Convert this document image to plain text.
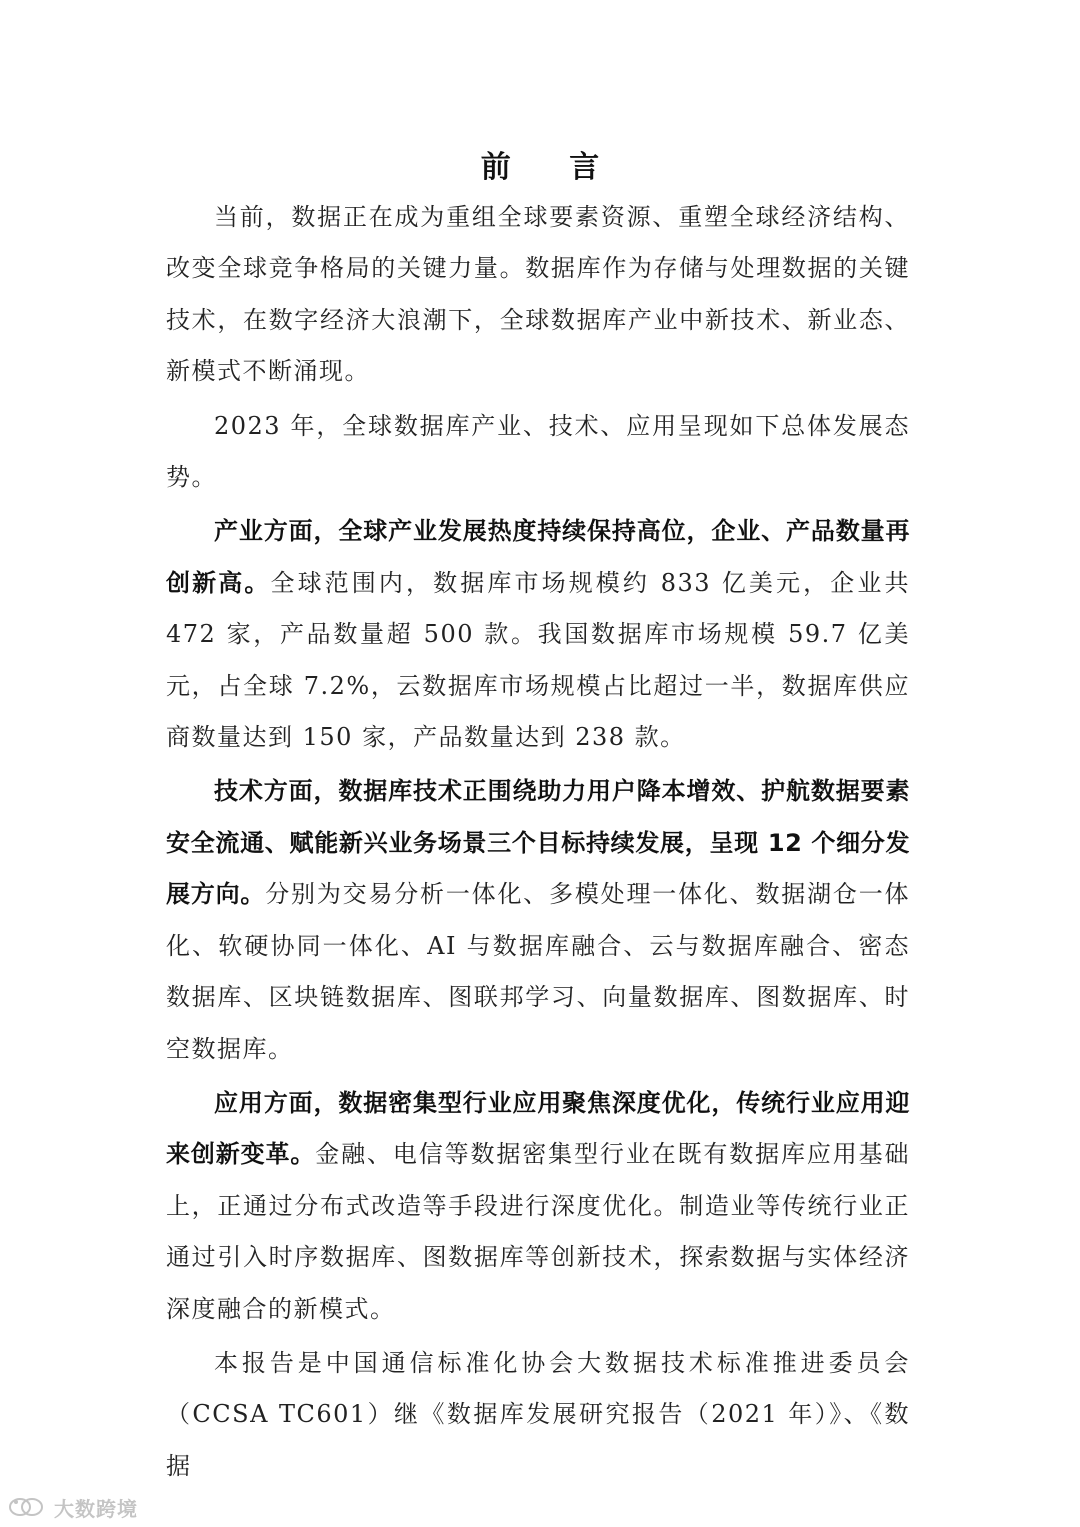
前 言

当前，数据正在成为重组全球要素资源、重塑全球经济结构、改变全球竞争格局的关键力量。数据库作为存储与处理数据的关键技术，在数字经济大浪潮下，全球数据库产业中新技术、新业态、新模式不断涌现。

2023 年，全球数据库产业、技术、应用呈现如下总体发展态势。

产业方面，全球产业发展热度持续保持高位，企业、产品数量再创新高。全球范围内，数据库市场规模约 833 亿美元，企业共 472 家，产品数量超 500 款。我国数据库市场规模 59.7 亿美元，占全球 7.2%，云数据库市场规模占比超过一半，数据库供应商数量达到 150 家，产品数量达到 238 款。

技术方面，数据库技术正围绕助力用户降本增效、护航数据要素安全流通、赋能新兴业务场景三个目标持续发展，呈现 12 个细分发展方向。分别为交易分析一体化、多模处理一体化、数据湖仓一体化、软硬协同一体化、AI 与数据库融合、云与数据库融合、密态数据库、区块链数据库、图联邦学习、向量数据库、图数据库、时空数据库。

应用方面，数据密集型行业应用聚焦深度优化，传统行业应用迎来创新变革。金融、电信等数据密集型行业在既有数据库应用基础上，正通过分布式改造等手段进行深度优化。制造业等传统行业正通过引入时序数据库、图数据库等创新技术，探索数据与实体经济深度融合的新模式。

本报告是中国通信标准化协会大数据技术标准推进委员会（CCSA TC601）继《数据库发展研究报告（2021 年）》、《数据

大数跨境
